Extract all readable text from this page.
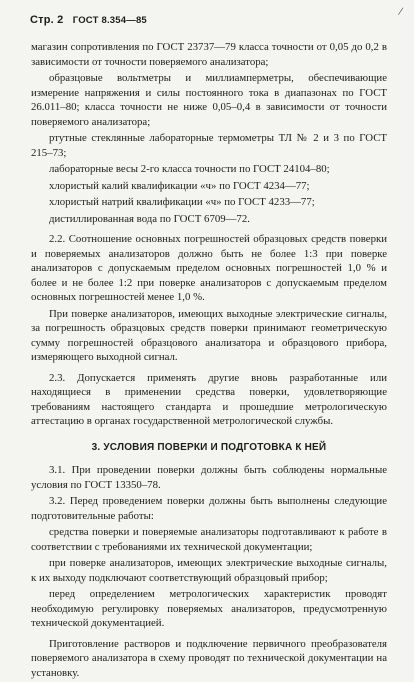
/
Стр. 2 ГОСТ 8.354—85

магазин сопротивления по ГОСТ 23737—79 класса точности от 0,05 до 0,2 в зависимости от точности поверяемого анализатора;

образцовые вольтметры и миллиамперметры, обеспечивающие измерение напряжения и силы постоянного тока в диапазонах по ГОСТ 26.011–80; класса точности не ниже 0,05–0,4 в зависимости от точности поверяемого анализатора;

ртутные стеклянные лабораторные термометры ТЛ № 2 и 3 по ГОСТ 215–73;

лабораторные весы 2-го класса точности по ГОСТ 24104–80;

хлористый калий квалификации «ч» по ГОСТ 4234—77;

хлористый натрий квалификации «ч» по ГОСТ 4233—77;

дистиллированная вода по ГОСТ 6709—72.

2.2. Соотношение основных погрешностей образцовых средств поверки и поверяемых анализаторов должно быть не более 1:3 при поверке анализаторов с допускаемым пределом основных погрешностей 1,0 % и более и не более 1:2 при поверке анализаторов с допускаемым пределом основных погрешностей менее 1,0 %.

При поверке анализаторов, имеющих выходные электрические сигналы, за погрешность образцовых средств поверки принимают геометрическую сумму погрешностей образцового анализатора и образцового прибора, измеряющего выходной сигнал.

2.3. Допускается применять другие вновь разработанные или находящиеся в применении средства поверки, удовлетворяющие требованиям настоящего стандарта и прошедшие метрологическую аттестацию в органах государственной метрологической службы.

3. УСЛОВИЯ ПОВЕРКИ И ПОДГОТОВКА К НЕЙ

3.1. При проведении поверки должны быть соблюдены нормальные условия по ГОСТ 13350–78.

3.2. Перед проведением поверки должны быть выполнены следующие подготовительные работы:

средства поверки и поверяемые анализаторы подготавливают к работе в соответствии с требованиями их технической документации;

при поверке анализаторов, имеющих электрические выходные сигналы, к их выходу подключают соответствующий образцовый прибор;

перед определением метрологических характеристик проводят необходимую регулировку поверяемых анализаторов, предусмотренную технической документацией.

Приготовление растворов и подключение первичного преобразователя поверяемого анализатора в схему проводят по технической документации на установку.
